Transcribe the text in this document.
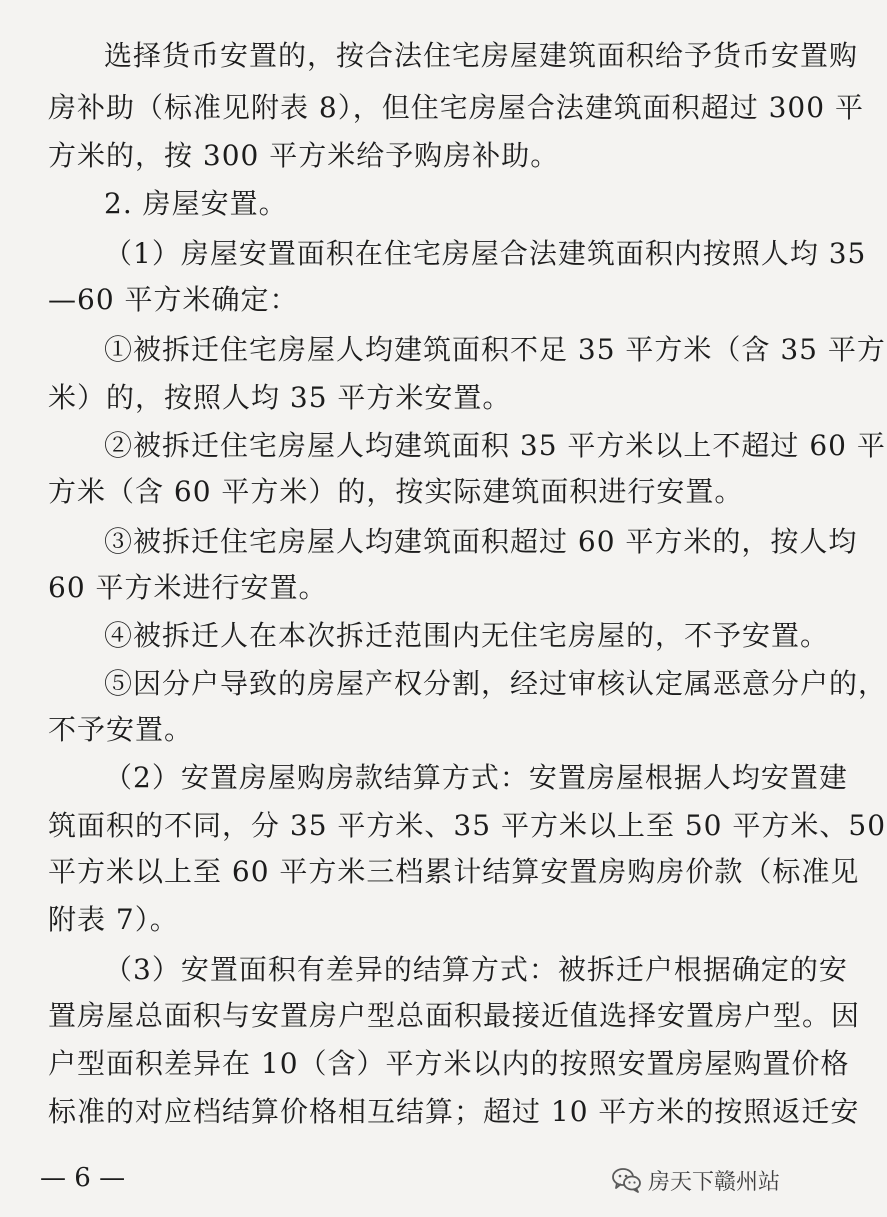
选择货币安置的，按合法住宅房屋建筑面积给予货币安置购
房补助（标准见附表 8），但住宅房屋合法建筑面积超过 300 平
方米的，按 300 平方米给予购房补助。
2. 房屋安置。
（1）房屋安置面积在住宅房屋合法建筑面积内按照人均 35
—60 平方米确定：
①被拆迁住宅房屋人均建筑面积不足 35 平方米（含 35 平方
米）的，按照人均 35 平方米安置。
②被拆迁住宅房屋人均建筑面积 35 平方米以上不超过 60 平
方米（含 60 平方米）的，按实际建筑面积进行安置。
③被拆迁住宅房屋人均建筑面积超过 60 平方米的，按人均
60 平方米进行安置。
④被拆迁人在本次拆迁范围内无住宅房屋的，不予安置。
⑤因分户导致的房屋产权分割，经过审核认定属恶意分户的，
不予安置。
（2）安置房屋购房款结算方式：安置房屋根据人均安置建
筑面积的不同，分 35 平方米、35 平方米以上至 50 平方米、50
平方米以上至 60 平方米三档累计结算安置房购房价款（标准见
附表 7）。
（3）安置面积有差异的结算方式：被拆迁户根据确定的安
置房屋总面积与安置房户型总面积最接近值选择安置房户型。因
户型面积差异在 10（含）平方米以内的按照安置房屋购置价格
标准的对应档结算价格相互结算；超过 10 平方米的按照返迁安
— 6 —	房天下赣州站
